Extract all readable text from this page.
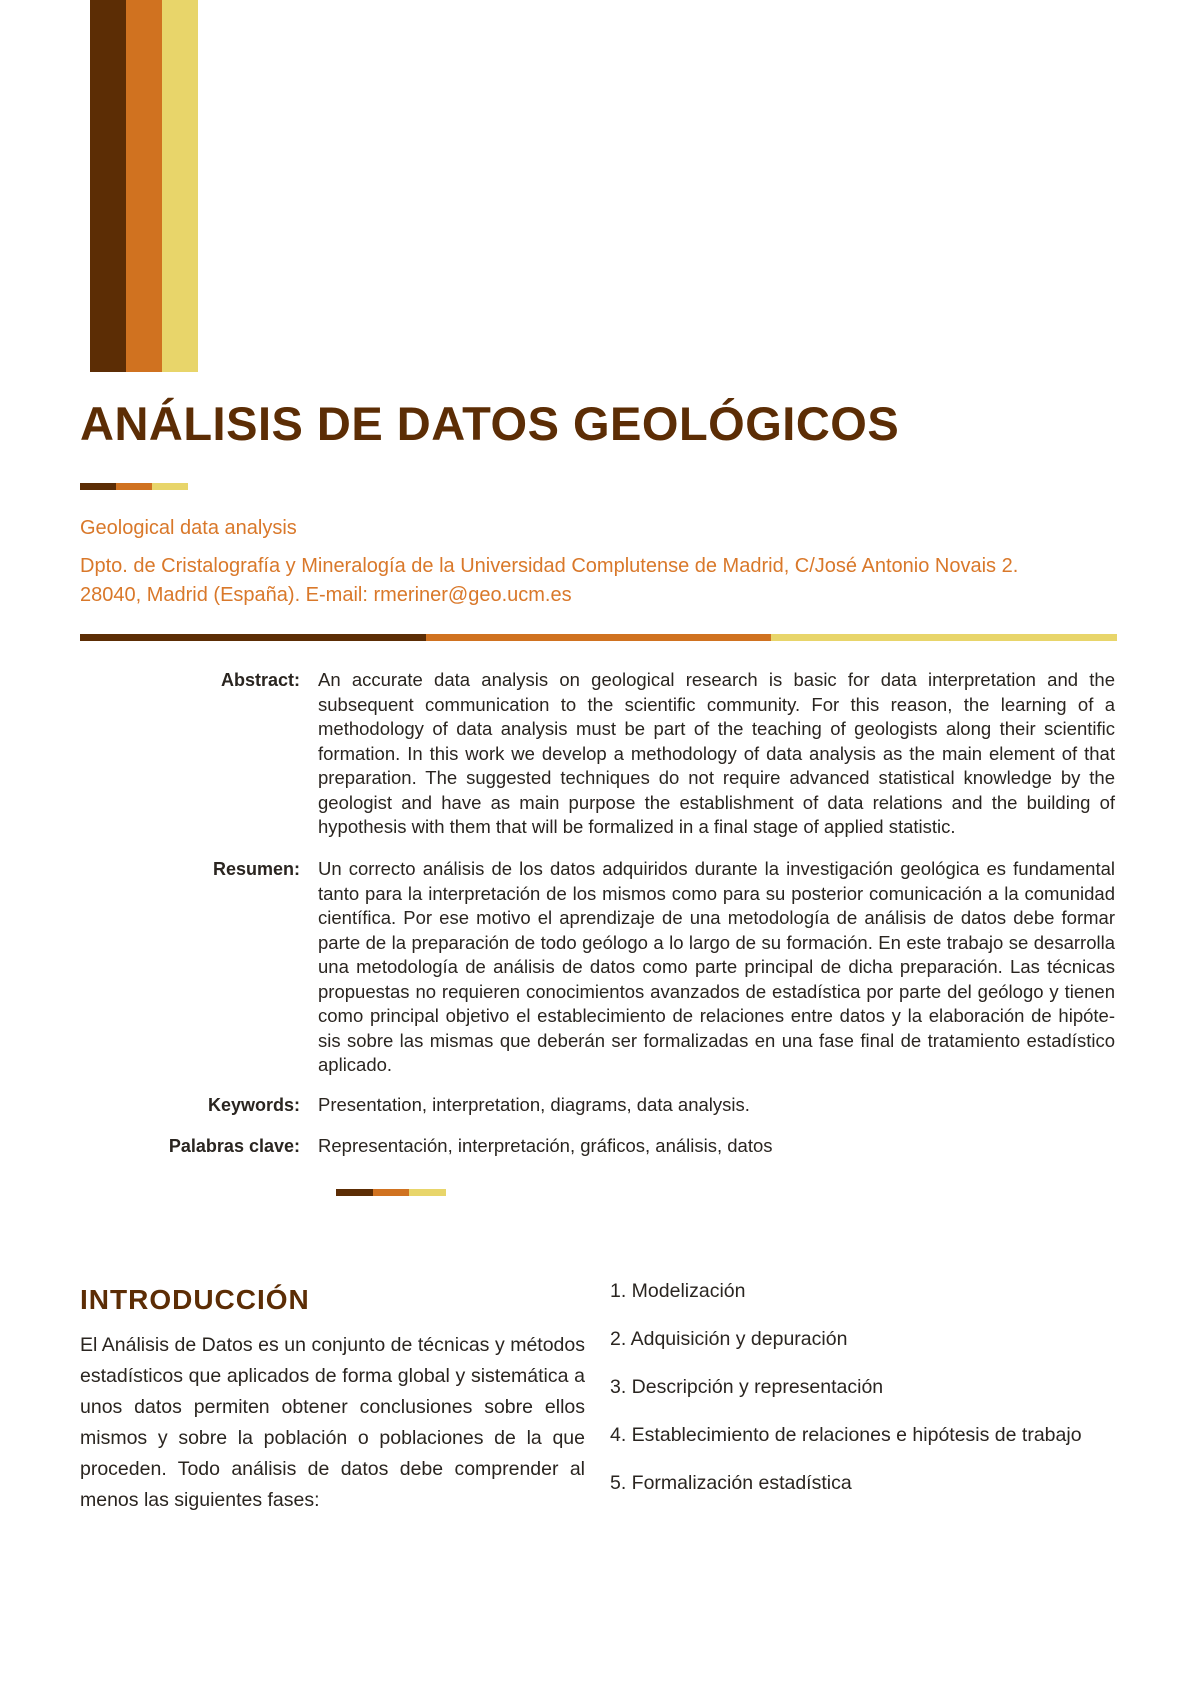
ANÁLISIS DE DATOS GEOLÓGICOS

Geological data analysis

Dpto. de Cristalografía y Mineralogía de la Universidad Complutense de Madrid, C/José Antonio Novais 2. 28040, Madrid (España). E-mail: rmeriner@geo.ucm.es

Abstract: An accurate data analysis on geological research is basic for data interpretation and the subsequent communication to the scientific community. For this reason, the learning of a methodology of data analysis must be part of the teaching of geologists along their scientific formation. In this work we develop a methodology of data analysis as the main element of that preparation. The suggested techniques do not require advanced statistical knowledge by the geologist and have as main purpose the establishment of data relations and the building of hypothesis with them that will be formalized in a final stage of applied statistic.
Resumen: Un correcto análisis de los datos adquiridos durante la investigación geológica es fundamental tanto para la interpretación de los mismos como para su posterior comunicación a la comunidad científica. Por ese motivo el aprendizaje de una metodología de análisis de datos debe formar parte de la preparación de todo geólogo a lo largo de su formación. En este trabajo se desarrolla una metodología de análisis de datos como parte principal de dicha preparación. Las técnicas propuestas no requieren conocimientos avanzados de estadística por parte del geólogo y tienen como principal objetivo el establecimiento de relaciones entre datos y la elaboración de hipóte-sis sobre las mismas que deberán ser formalizadas en una fase final de tratamiento estadístico aplicado.
Keywords: Presentation, interpretation, diagrams, data analysis.
Palabras clave: Representación, interpretación, gráficos, análisis, datos
INTRODUCCIÓN

El Análisis de Datos es un conjunto de técnicas y métodos estadísticos que aplicados de forma global y sistemática a unos datos permiten obtener conclusiones sobre ellos mismos y sobre la población o poblaciones de la que proceden. Todo análisis de datos debe comprender al menos las siguientes fases:

1. Modelización
2. Adquisición y depuración
3. Descripción y representación
4. Establecimiento de relaciones e hipótesis de trabajo
5. Formalización estadística
